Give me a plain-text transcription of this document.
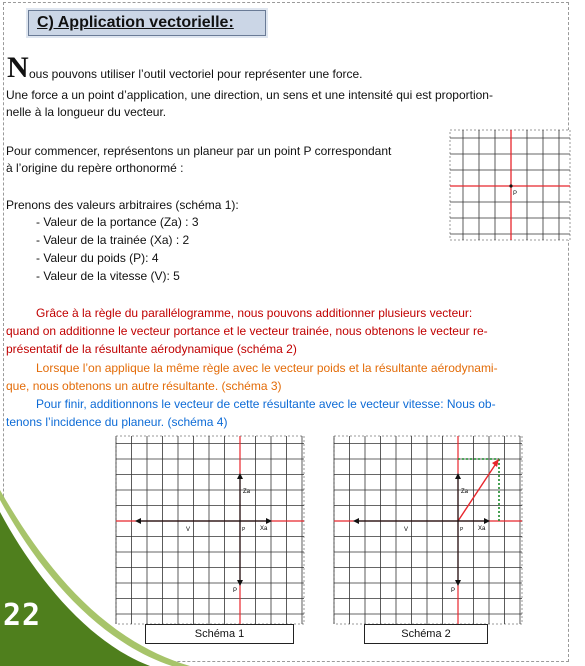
22
C) Application vectorielle:
N ous pouvons utiliser l’outil vectoriel pour représenter une force.
Une force a un point d’application, une direction, un sens et une intensité qui est proportion-
nelle à la longueur du vecteur.
Pour commencer, représentons un planeur par un point P correspondant
à l’origine du repère orthonormé :
P
Prenons des valeurs arbitraires (schéma 1):
- Valeur de la portance (Za) : 3
- Valeur de la trainée (Xa) : 2
- Valeur du poids (P): 4
- Valeur de la vitesse (V): 5
Grâce à la règle du parallélogramme, nous pouvons additionner plusieurs vecteur:
quand on additionne le vecteur portance et le vecteur trainée, nous obtenons le vecteur re-
présentatif de la résultante aérodynamique (schéma 2)
Lorsque l’on applique la même règle avec le vecteur poids et la résultante aérodynami-
que, nous obtenons un autre résultante. (schéma 3)
Pour finir, additionnons le vecteur de cette résultante avec le vecteur vitesse: Nous ob-
tenons l’incidence du planeur. (schéma 4)
Za
Xa
V
P
P
Schéma 1
Za
Xa
V
P
P
Schéma 2
